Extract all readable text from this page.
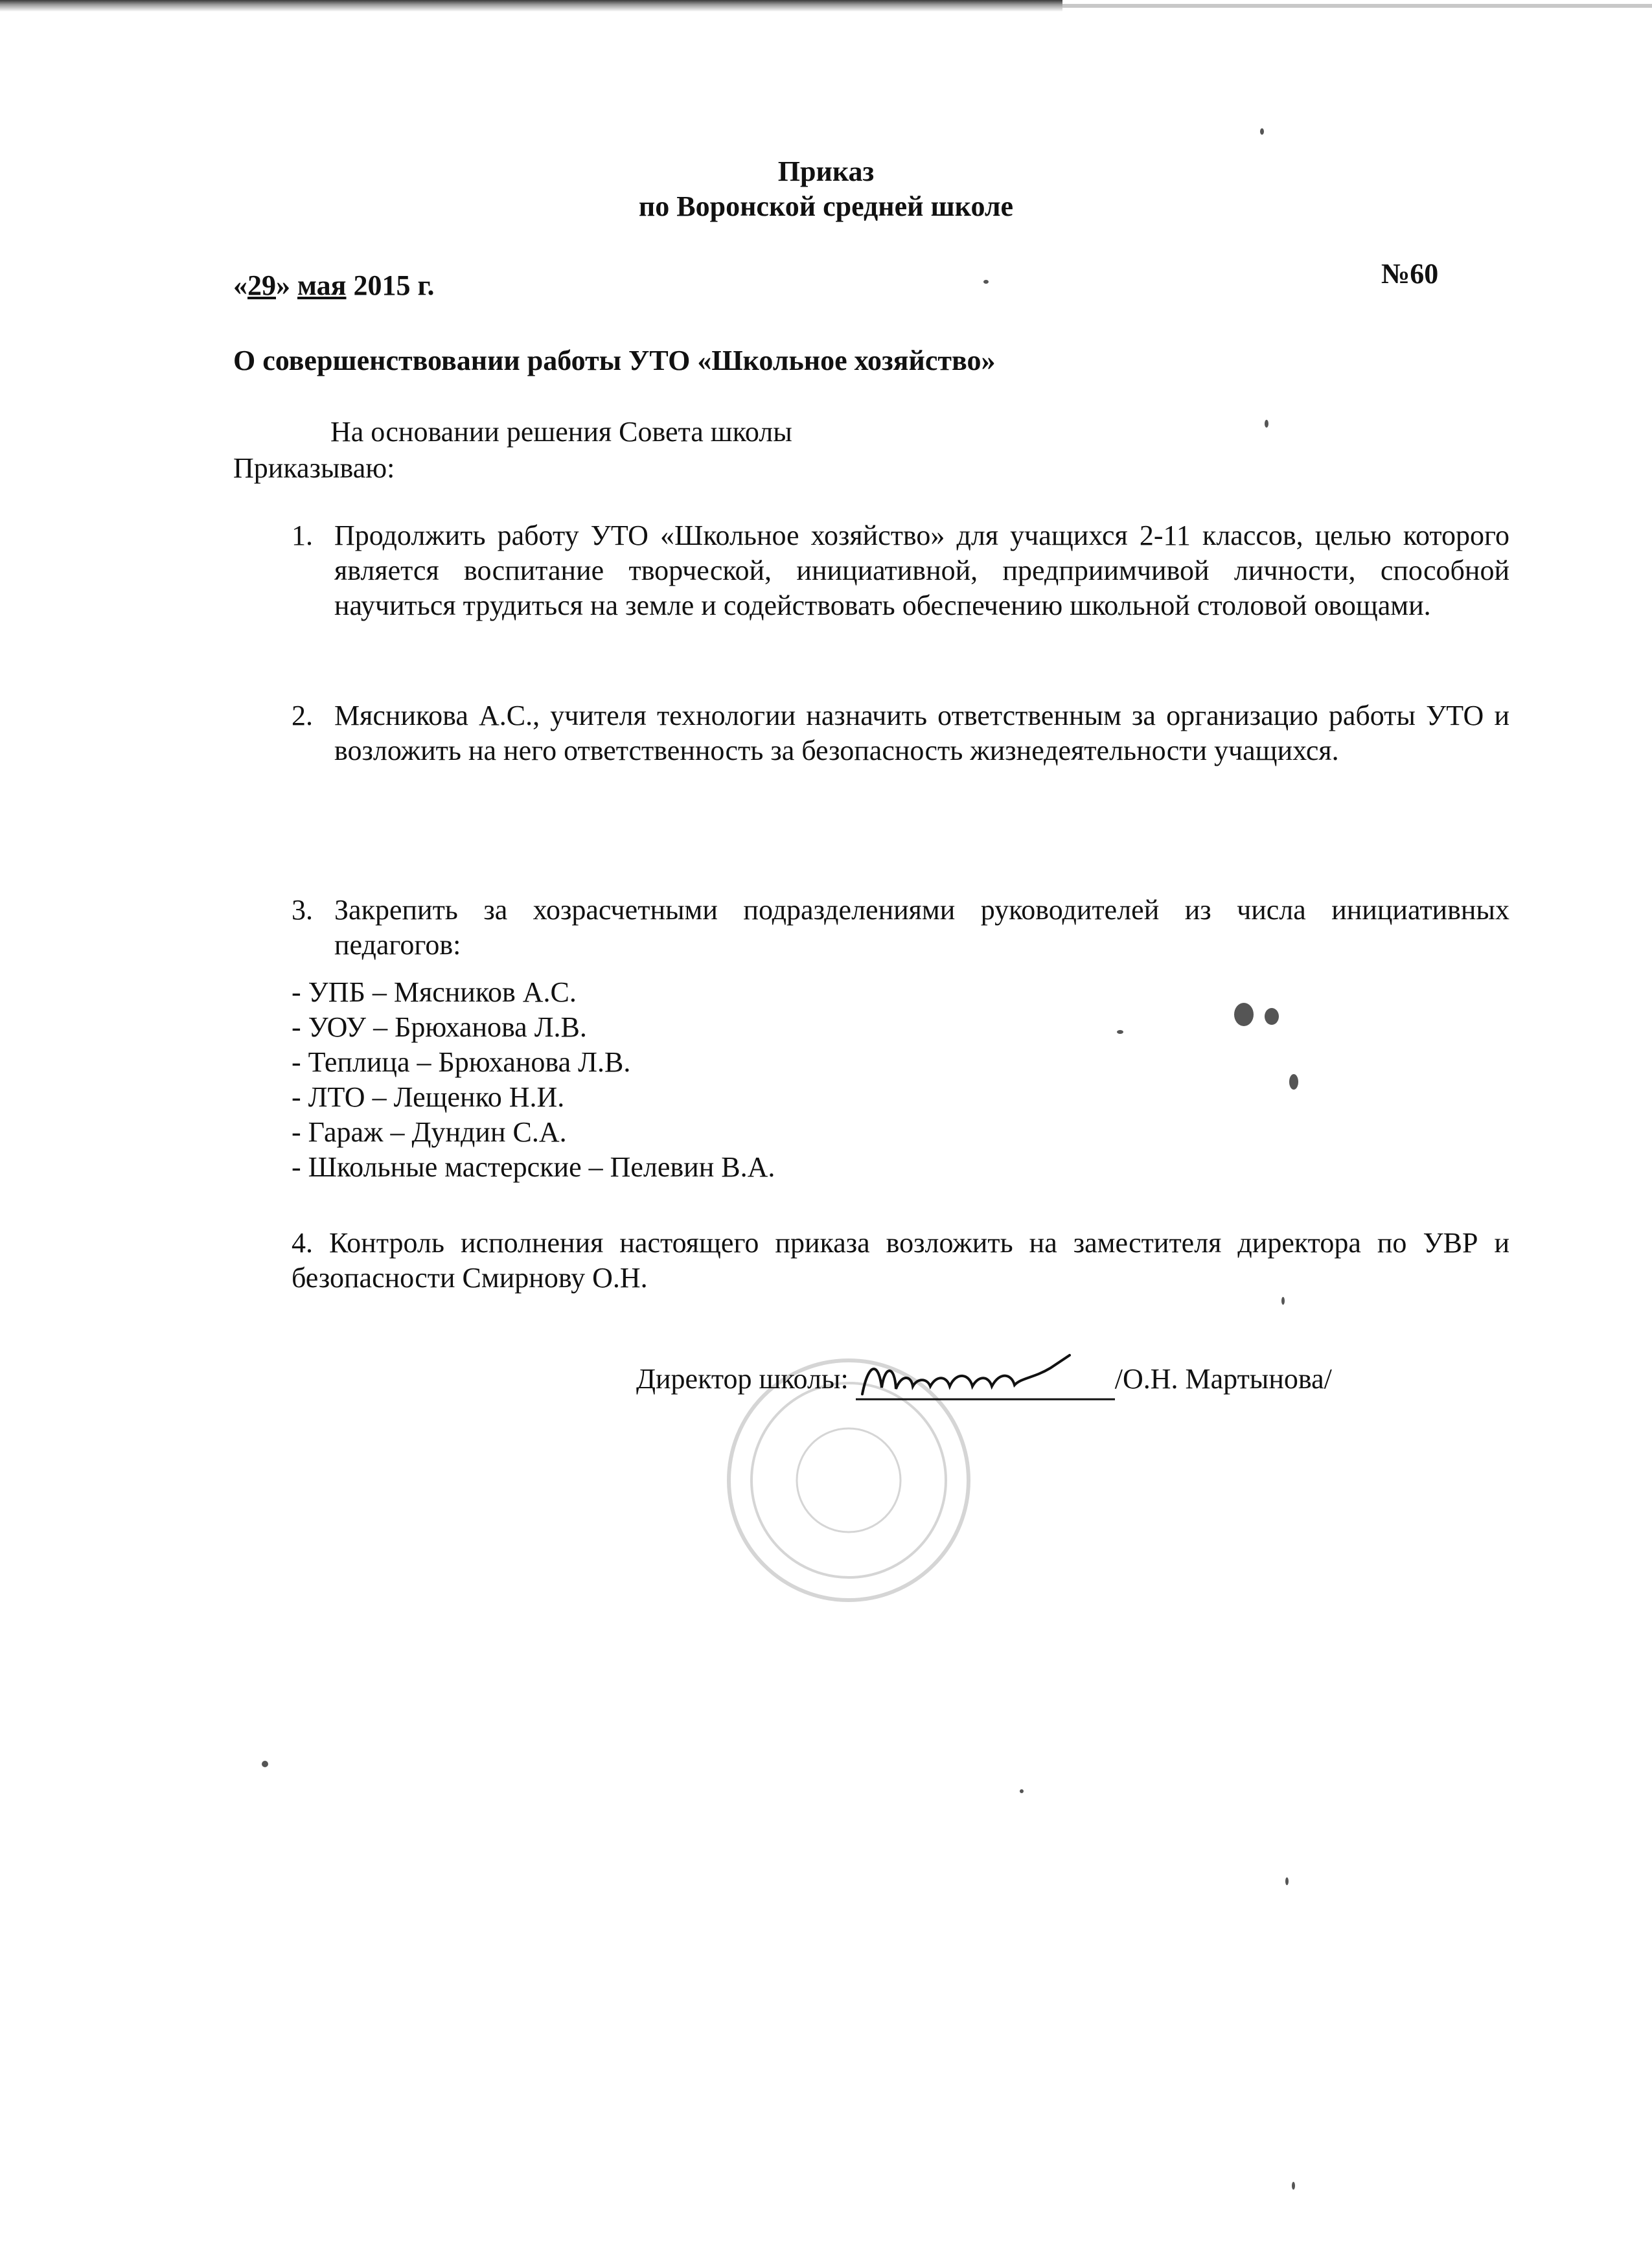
Приказ
по Воронской средней школе
«29» мая 2015 г.	№60
О совершенствовании работы УТО «Школьное хозяйство»
На основании решения Совета школы
Приказываю:
1. Продолжить работу УТО «Школьное хозяйство» для учащихся 2-11 классов, целью которого является воспитание творческой, инициативной, предприимчивой личности, способной научиться трудиться на земле и содействовать обеспечению школьной столовой овощами.
2. Мясникова А.С., учителя технологии назначить ответственным за организацио работы УТО и возложить на него ответственность за безопасность жизнедеятельности учащихся.
3. Закрепить за хозрасчетными подразделениями руководителей из числа инициативных педагогов:
- УПБ – Мясников А.С.
- УОУ – Брюханова Л.В.
- Теплица – Брюханова Л.В.
- ЛТО – Лещенко Н.И.
- Гараж – Дундин С.А.
- Школьные мастерские – Пелевин В.А.
4. Контроль исполнения настоящего приказа возложить на заместителя директора по УВР и безопасности Смирнову О.Н.
Директор школы:	/О.Н. Мартынова/
